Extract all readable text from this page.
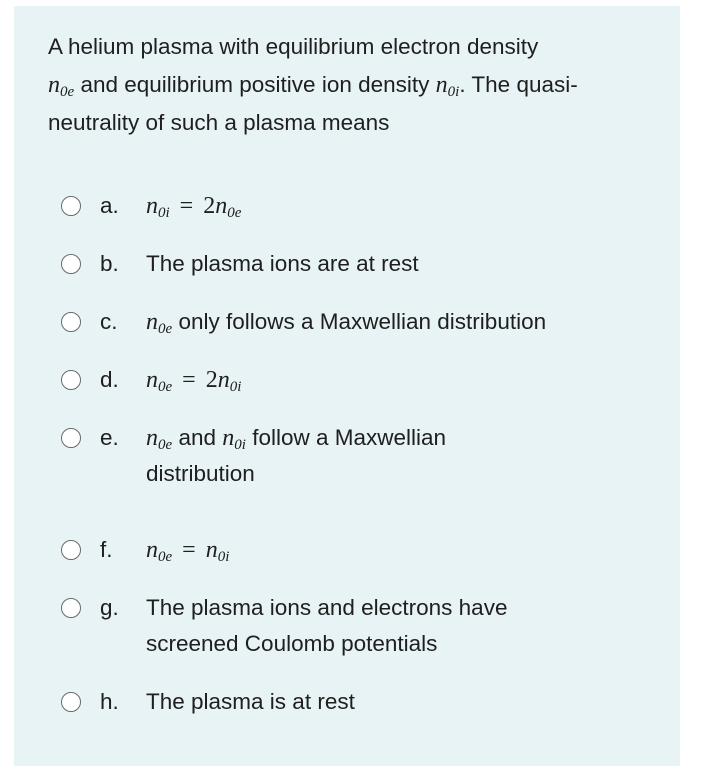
A helium plasma with equilibrium electron density
$n_{0e}$ and equilibrium positive ion density $n_{0i}$. The quasi-neutrality of such a plasma means
a. $n_{0i} = 2n_{0e}$
b. The plasma ions are at rest
c. $n_{0e}$ only follows a Maxwellian distribution
d. $n_{0e} = 2n_{0i}$
e. $n_{0e}$ and $n_{0i}$ follow a Maxwellian distribution
f. $n_{0e} = n_{0i}$
g. The plasma ions and electrons have screened Coulomb potentials
h. The plasma is at rest
